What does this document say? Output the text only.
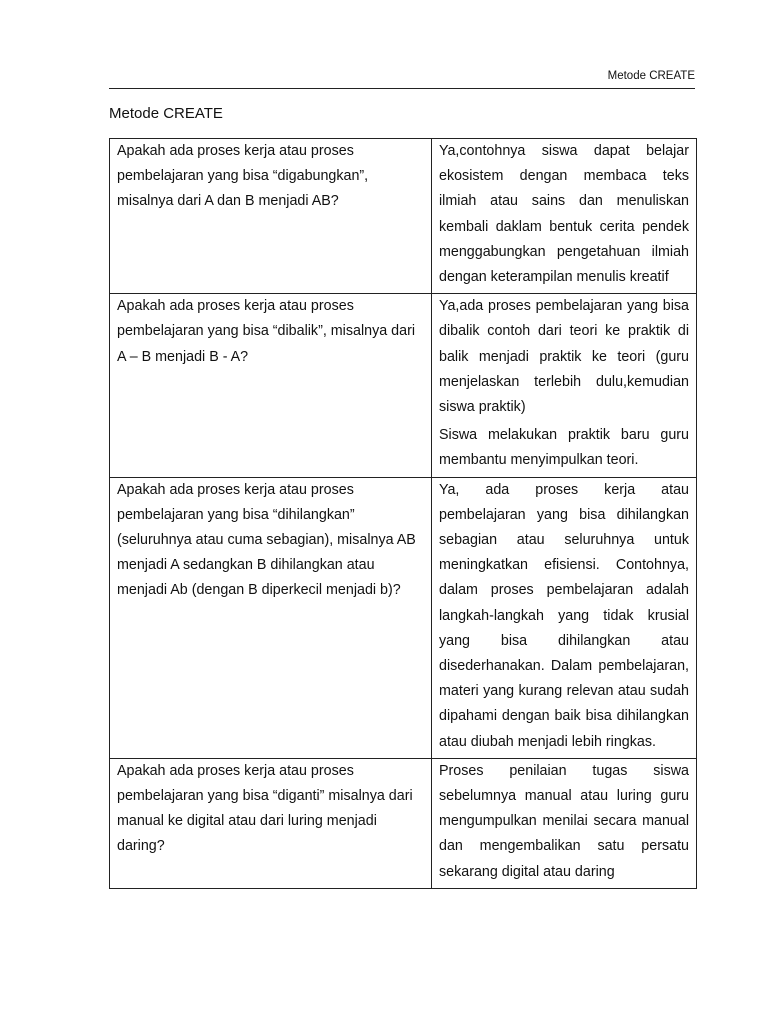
Metode CREATE
Metode CREATE
Apakah ada proses kerja atau proses pembelajaran yang bisa “digabungkan”, misalnya dari A dan B menjadi AB?	Ya,contohnya siswa dapat belajar ekosistem dengan membaca teks ilmiah atau sains dan menuliskan kembali daklam bentuk cerita pendek menggabungkan pengetahuan ilmiah dengan keterampilan menulis kreatif

Apakah ada proses kerja atau proses pembelajaran yang bisa “dibalik”, misalnya dari A – B menjadi B - A?	Ya,ada proses pembelajaran yang bisa dibalik contoh dari teori ke praktik di balik menjadi praktik ke teori (guru menjelaskan terlebih dulu,kemudian siswa praktik)

Siswa melakukan praktik baru guru membantu menyimpulkan teori.

Apakah ada proses kerja atau proses pembelajaran yang bisa “dihilangkan” (seluruhnya atau cuma sebagian), misalnya AB menjadi A sedangkan B dihilangkan atau menjadi Ab (dengan B diperkecil menjadi b)?	Ya, ada proses kerja atau pembelajaran yang bisa dihilangkan sebagian atau seluruhnya untuk meningkatkan efisiensi. Contohnya, dalam proses pembelajaran adalah langkah-langkah yang tidak krusial yang bisa dihilangkan atau disederhanakan. Dalam pembelajaran, materi yang kurang relevan atau sudah dipahami dengan baik bisa dihilangkan atau diubah menjadi lebih ringkas.

Apakah ada proses kerja atau proses pembelajaran yang bisa “diganti” misalnya dari manual ke digital atau dari luring menjadi daring?	Proses penilaian tugas siswa sebelumnya manual atau luring guru mengumpulkan menilai secara manual dan mengembalikan satu persatu sekarang digital atau daring
